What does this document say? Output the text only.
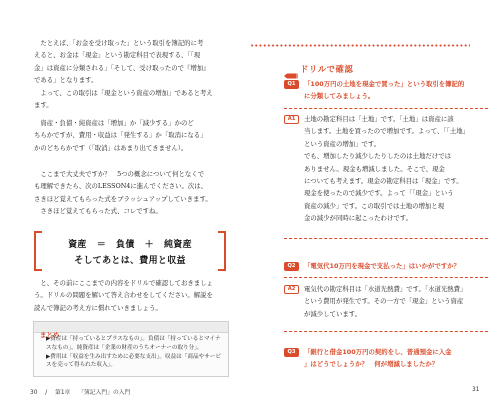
たとえば、「お金を受け取った」という取引を簿記的に考
えると、お金は「現金」という勘定科目で表現する、「「現
金」は資産に分類される」「そして、受け取ったので『増加』
である」となります。
よって、この取引は「現金という資産の増加」であると考え
ます。
資産・負債・純資産は「増加」か「減少する」かのど
ちらかですが、費用・収益は「発生する」か「取消になる」
かのどちらかです（「取消」はあまり出てきません）。
ここまで大丈夫ですか？　5つの概念について何となくで
も理解できたら、次のLESSON4に進んでください。次は、
さきほど覚えてもらった式をブラッシュアップしていきます。
さきほど覚えてもらった式、コレですね。
資産 ＝ 負債 ＋ 純資産
そしてあとは、費用と収益
と、その前にここまでの内容をドリルで確認しておきましょ
う。ドリルの問題を解いて答え合わせをしてください。解説を
読んで簿記の考え方に慣れていきましょう。
まとめ
▶資産は「持っているとプラスなもの」。負債は「持っているとマイナスなもの」。純資産は「企業の財産のうちオーナーの取り分」。
▶費用は「収益を生み出すために必要な支出」。収益は「商品やサービスを売って得られた収入」。
30 / 第1章 「簿記入門」の入門
ドリルで確認
Q1	「100万円の土地を現金で買った」という取引を簿記的
に分類してみましょう。
A1	土地の勘定科目は「土地」です。「土地」は資産に該
当します。土地を買ったので増加です。よって、「「土地」
という資産の増加」です。
でも、増加したり減少したりしたのは土地だけでは
ありません。現金も増減しました。そこで、現金
についても考えます。現金の勘定科目は「現金」です。
現金を使ったので減少です。よって「「現金」という
資産の減少」です。この取引では土地の増加と現
金の減少が同時に起こったわけです。
Q2	「電気代10万円を現金で支払った」はいかがですか？
A2	電気代の勘定科目は「水道光熱費」です。「水道光熱費」
という費用が発生です。その一方で「現金」という資産
が減少しています。
Q3	「銀行と借金100万円の契約をし、普通預金に入金
」はどうでしょうか？　何が増減しましたか？
31
